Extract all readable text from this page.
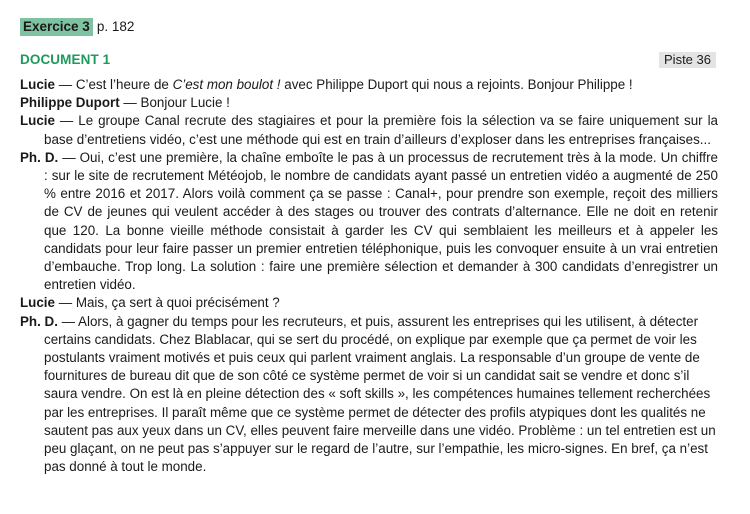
Exercice 3 p. 182
DOCUMENT 1	Piste 36

Lucie — C’est l’heure de C’est mon boulot ! avec Philippe Duport qui nous a rejoints. Bonjour Philippe !

Philippe Duport — Bonjour Lucie !

Lucie — Le groupe Canal recrute des stagiaires et pour la première fois la sélection va se faire uniquement sur la base d’entretiens vidéo, c’est une méthode qui est en train d’ailleurs d’exploser dans les entreprises françaises...

Ph. D. — Oui, c’est une première, la chaîne emboîte le pas à un processus de recrutement très à la mode. Un chiffre : sur le site de recrutement Météojob, le nombre de candidats ayant passé un entretien vidéo a augmenté de 250 % entre 2016 et 2017. Alors voilà comment ça se passe : Canal+, pour prendre son exemple, reçoit des milliers de CV de jeunes qui veulent accéder à des stages ou trouver des contrats d’alternance. Elle ne doit en retenir que 120. La bonne vieille méthode consistait à garder les CV qui semblaient les meilleurs et à appeler les candidats pour leur faire passer un premier entretien téléphonique, puis les convoquer ensuite à un vrai entretien d’embauche. Trop long. La solution : faire une première sélection et demander à 300 candidats d’enregistrer un entretien vidéo.

Lucie — Mais, ça sert à quoi précisément ?

Ph. D. — Alors, à gagner du temps pour les recruteurs, et puis, assurent les entreprises qui les utilisent, à détecter certains candidats. Chez Blablacar, qui se sert du procédé, on explique par exemple que ça permet de voir les postulants vraiment motivés et puis ceux qui parlent vraiment anglais. La responsable d’un groupe de vente de fournitures de bureau dit que de son côté ce système permet de voir si un candidat sait se vendre et donc s’il saura vendre. On est là en pleine détection des « soft skills », les compétences humaines tellement recherchées par les entreprises. Il paraît même que ce système permet de détecter des profils atypiques dont les qualités ne sautent pas aux yeux dans un CV, elles peuvent faire merveille dans une vidéo. Problème : un tel entretien est un peu glaçant, on ne peut pas s’appuyer sur le regard de l’autre, sur l’empathie, les micro-signes. En bref, ça n’est pas donné à tout le monde.
